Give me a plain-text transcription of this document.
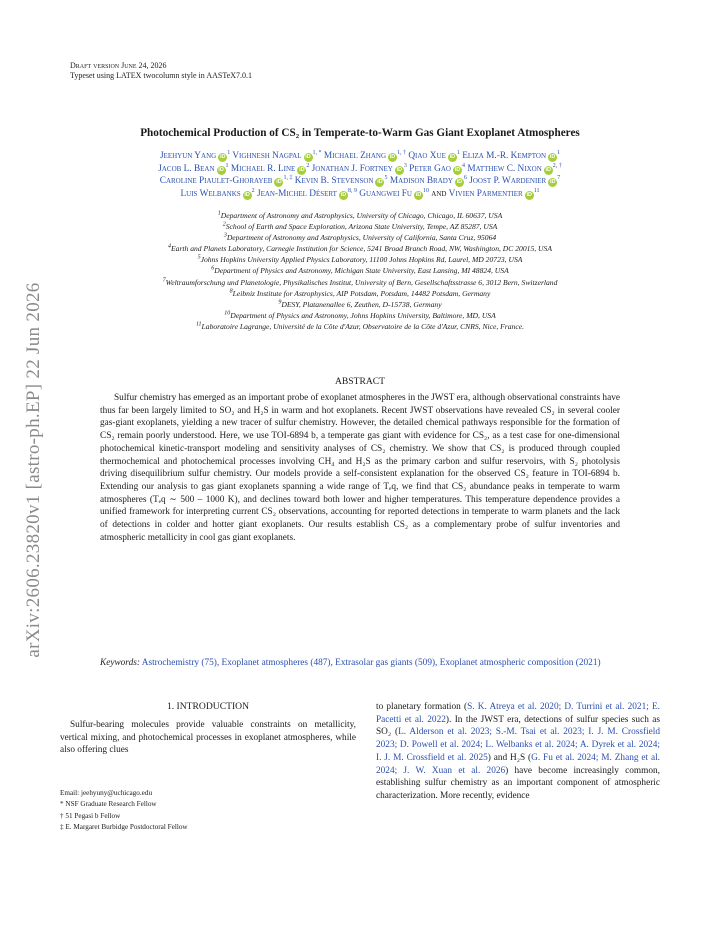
arXiv:2606.23820v1 [astro-ph.EP] 22 Jun 2026
Draft version June 24, 2026
Typeset using LATEX twocolumn style in AASTeX7.0.1
Photochemical Production of CS₂ in Temperate-to-Warm Gas Giant Exoplanet Atmospheres
Jeehyun Yang $iD^1$ Vighnesh Nagpal $iD^{1, *}$ Michael Zhang $iD^{1, \dagger}$ Qiao Xue $iD^1$ Eliza M.-R. Kempton $iD^1$
Jacob L. Bean $iD^1$ Michael R. Line $iD^2$ Jonathan J. Fortney $iD^3$ Peter Gao $iD^4$ Matthew C. Nixon $iD^{2, \dagger}$
Caroline Piaulet-Ghorayeb $iD^{1, \ddagger}$ Kevin B. Stevenson $iD^5$ Madison Brady $iD^6$ Joost P. Wardenier $iD^7$
Luis Welbanks $iD^2$ Jean-Michel Désert iD$^{8, 9}$ Guangwei Fu $iD^{10}$ and Vivien Parmentier $iD^{11}$
$^1$Department of Astronomy and Astrophysics, University of Chicago, Chicago, IL 60637, USA
$^2$School of Earth and Space Exploration, Arizona State University, Tempe, AZ 85287, USA
$^3$Department of Astronomy and Astrophysics, University of California, Santa Cruz, 95064
$^4$Earth and Planets Laboratory, Carnegie Institution for Science, 5241 Broad Branch Road, NW, Washington, DC 20015, USA
$^5$Johns Hopkins University Applied Physics Laboratory, 11100 Johns Hopkins Rd, Laurel, MD 20723, USA
$^6$Department of Physics and Astronomy, Michigan State University, East Lansing, MI 48824, USA
$^7$Weltraumforschung und Planetologie, Physikalisches Institut, University of Bern, Gesellschaftsstrasse 6, 3012 Bern, Switzerland
$^8$Leibniz Institute for Astrophysics, AIP Potsdam, Potsdam, 14482 Potsdam, Germany
$^9$DESY, Platanenallee 6, Zeuthen, D-15738, Germany
$^{10}$Department of Physics and Astronomy, Johns Hopkins University, Baltimore, MD, USA
$^{11}$Laboratoire Lagrange, Université de la Côte d'Azur, Observatoire de la Côte d'Azur, CNRS, Nice, France.
ABSTRACT
Sulfur chemistry has emerged as an important probe of exoplanet atmospheres in the JWST era, although observational constraints have thus far been largely limited to SO₂ and H₂S in warm and hot exoplanets. Recent JWST observations have revealed CS₂ in several cooler gas-giant exoplanets, yielding a new tracer of sulfur chemistry. However, the detailed chemical pathways responsible for the formation of CS₂ remain poorly understood. Here, we use TOI-6894 b, a temperate gas giant with evidence for CS₂, as a test case for one-dimensional photochemical kinetic-transport modeling and sensitivity analyses of CS₂ chemistry. We show that CS₂ is produced through coupled thermochemical and photochemical processes involving CH₄ and H₂S as the primary carbon and sulfur reservoirs, with S₂ photolysis driving disequilibrium sulfur chemistry. Our models provide a self-consistent explanation for the observed CS₂ feature in TOI-6894 b. Extending our analysis to gas giant exoplanets spanning a wide range of Tₑq, we find that CS₂ abundance peaks in temperate to warm atmospheres (Tₑq ∼ 500 – 1000 K), and declines toward both lower and higher temperatures. This temperature dependence provides a unified framework for interpreting current CS₂ observations, accounting for reported detections in temperate to warm planets and the lack of detections in colder and hotter giant exoplanets. Our results establish CS₂ as a complementary probe of sulfur inventories and atmospheric metallicity in cool gas giant exoplanets.
Keywords: Astrochemistry (75), Exoplanet atmospheres (487), Extrasolar gas giants (509), Exoplanet atmospheric composition (2021)
1. INTRODUCTION
Sulfur-bearing molecules provide valuable constraints on metallicity, vertical mixing, and photochemical processes in exoplanet atmospheres, while also offering clues
Email: jeehyuny@uchicago.edu
* NSF Graduate Research Fellow
† 51 Pegasi b Fellow
‡ E. Margaret Burbidge Postdoctoral Fellow
to planetary formation (S. K. Atreya et al. 2020; D. Turrini et al. 2021; E. Pacetti et al. 2022). In the JWST era, detections of sulfur species such as SO₂ (L. Alderson et al. 2023; S.-M. Tsai et al. 2023; I. J. M. Crossfield 2023; D. Powell et al. 2024; L. Welbanks et al. 2024; A. Dyrek et al. 2024; I. J. M. Crossfield et al. 2025) and H₂S (G. Fu et al. 2024; M. Zhang et al. 2024; J. W. Xuan et al. 2026) have become increasingly common, establishing sulfur chemistry as an important component of atmospheric characterization. More recently, evidence
